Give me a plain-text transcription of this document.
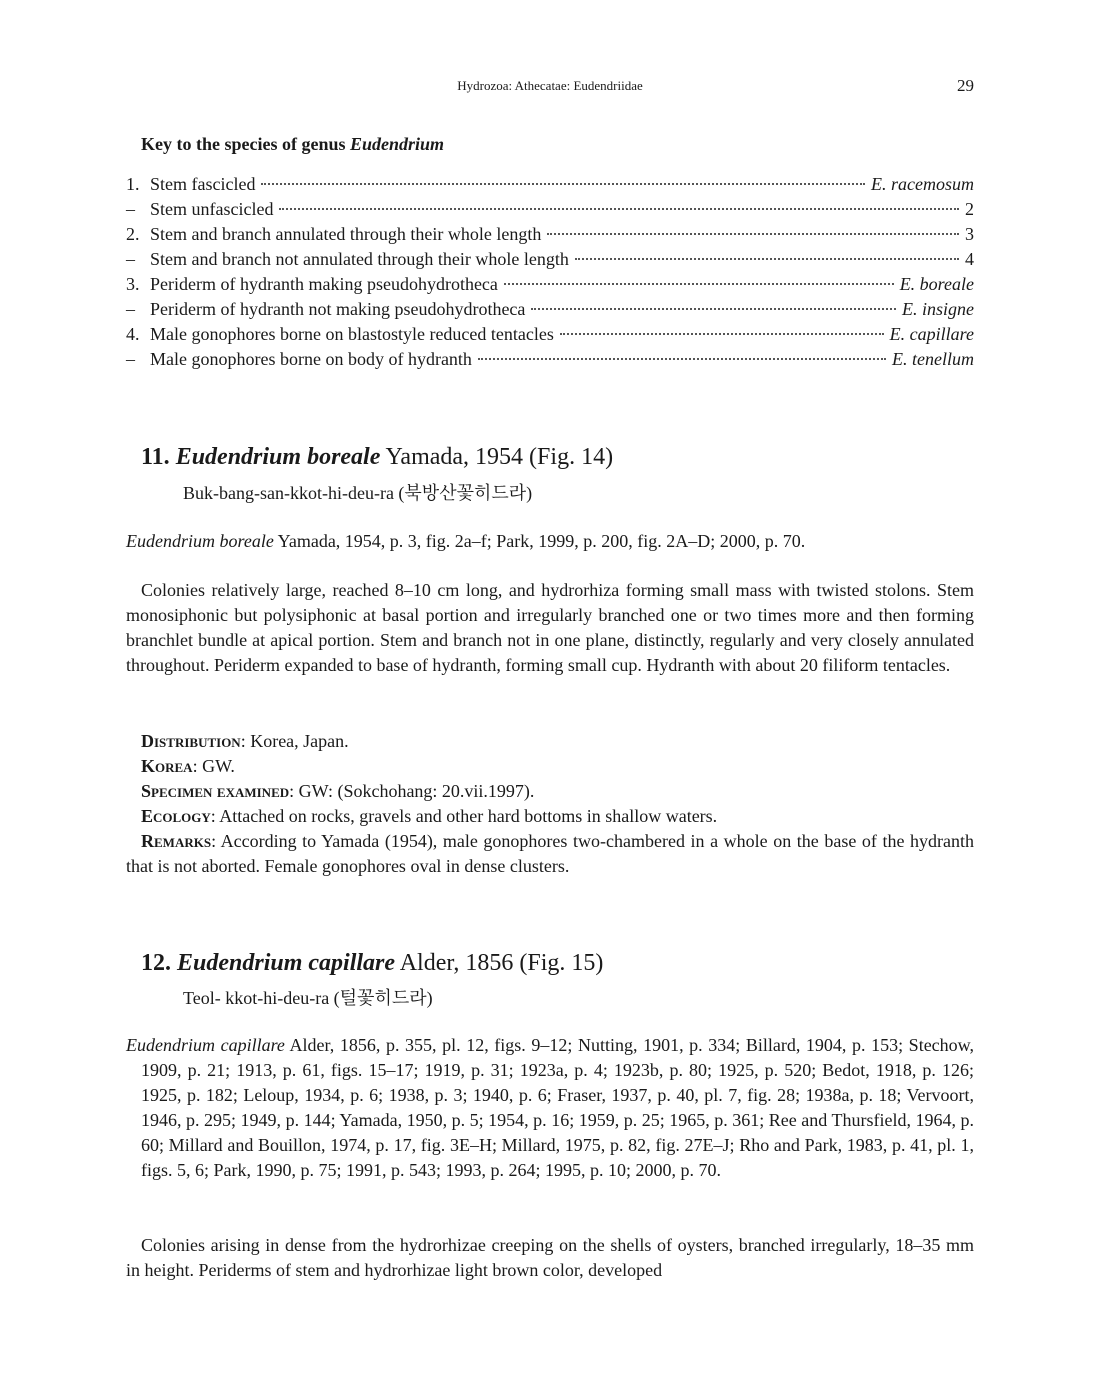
Hydrozoa: Athecatae: Eudendriidae	29
Key to the species of genus Eudendrium
1. Stem fascicled	E. racemosum
– Stem unfascicled	2
2. Stem and branch annulated through their whole length	3
– Stem and branch not annulated through their whole length	4
3. Periderm of hydranth making pseudohydrotheca	E. boreale
– Periderm of hydranth not making pseudohydrotheca	E. insigne
4. Male gonophores borne on blastostyle reduced tentacles	E. capillare
– Male gonophores borne on body of hydranth	E. tenellum
11. Eudendrium boreale Yamada, 1954 (Fig. 14)
Buk-bang-san-kkot-hi-deu-ra (북방산꽃히드라)

Eudendrium boreale Yamada, 1954, p. 3, fig. 2a–f; Park, 1999, p. 200, fig. 2A–D; 2000, p. 70.

Colonies relatively large, reached 8–10 cm long, and hydrorhiza forming small mass with twisted stolons. Stem monosiphonic but polysiphonic at basal portion and irregularly branched one or two times more and then forming branchlet bundle at apical portion. Stem and branch not in one plane, distinctly, regularly and very closely annulated throughout. Periderm expanded to base of hydranth, forming small cup. Hydranth with about 20 filiform tentacles.

Distribution: Korea, Japan.
Korea: GW.
Specimen examined: GW: (Sokchohang: 20.vii.1997).
Ecology: Attached on rocks, gravels and other hard bottoms in shallow waters.
Remarks: According to Yamada (1954), male gonophores two-chambered in a whole on the base of the hydranth that is not aborted. Female gonophores oval in dense clusters.
12. Eudendrium capillare Alder, 1856 (Fig. 15)
Teol- kkot-hi-deu-ra (털꽃히드라)

Eudendrium capillare Alder, 1856, p. 355, pl. 12, figs. 9–12; Nutting, 1901, p. 334; Billard, 1904, p. 153; Stechow, 1909, p. 21; 1913, p. 61, figs. 15–17; 1919, p. 31; 1923a, p. 4; 1923b, p. 80; 1925, p. 520; Bedot, 1918, p. 126; 1925, p. 182; Leloup, 1934, p. 6; 1938, p. 3; 1940, p. 6; Fraser, 1937, p. 40, pl. 7, fig. 28; 1938a, p. 18; Vervoort, 1946, p. 295; 1949, p. 144; Yamada, 1950, p. 5; 1954, p. 16; 1959, p. 25; 1965, p. 361; Ree and Thursfield, 1964, p. 60; Millard and Bouillon, 1974, p. 17, fig. 3E–H; Millard, 1975, p. 82, fig. 27E–J; Rho and Park, 1983, p. 41, pl. 1, figs. 5, 6; Park, 1990, p. 75; 1991, p. 543; 1993, p. 264; 1995, p. 10; 2000, p. 70.

Colonies arising in dense from the hydrorhizae creeping on the shells of oysters, branched irregularly, 18–35 mm in height. Periderms of stem and hydrorhizae light brown color, developed
